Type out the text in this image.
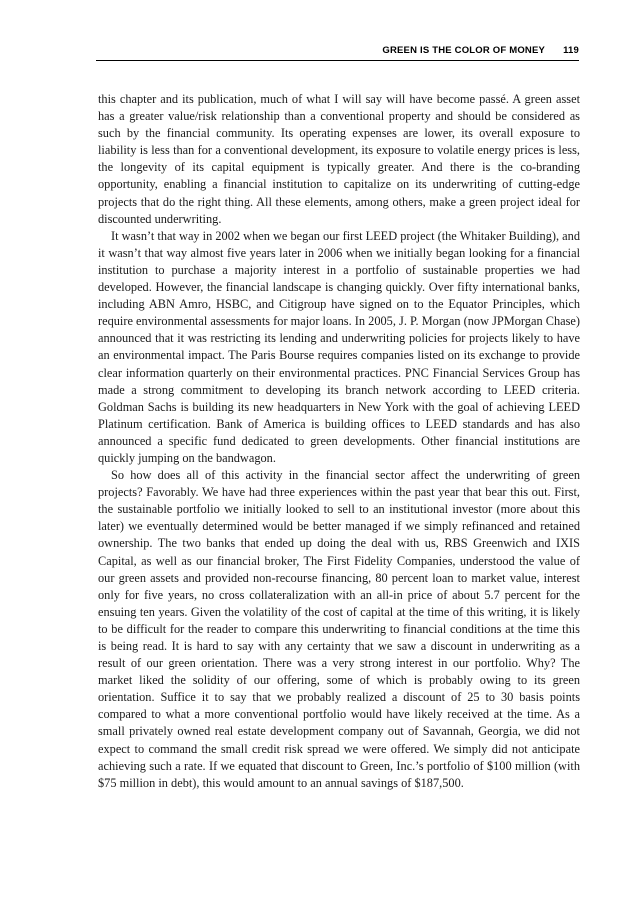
GREEN IS THE COLOR OF MONEY 119

this chapter and its publication, much of what I will say will have become passé. A green asset has a greater value/risk relationship than a conventional property and should be considered as such by the financial community. Its operating expenses are lower, its overall exposure to liability is less than for a conventional development, its exposure to volatile energy prices is less, the longevity of its capital equipment is typically greater. And there is the co-branding opportunity, enabling a financial institution to capitalize on its underwriting of cutting-edge projects that do the right thing. All these elements, among others, make a green project ideal for discounted underwriting.

It wasn’t that way in 2002 when we began our first LEED project (the Whitaker Building), and it wasn’t that way almost five years later in 2006 when we initially began looking for a financial institution to purchase a majority interest in a portfolio of sustainable properties we had developed. However, the financial landscape is changing quickly. Over fifty international banks, including ABN Amro, HSBC, and Citigroup have signed on to the Equator Principles, which require environmental assessments for major loans. In 2005, J. P. Morgan (now JPMorgan Chase) announced that it was restricting its lending and underwriting policies for projects likely to have an environmental impact. The Paris Bourse requires companies listed on its exchange to provide clear information quarterly on their environmental practices. PNC Financial Services Group has made a strong commitment to developing its branch network according to LEED criteria. Goldman Sachs is building its new headquarters in New York with the goal of achieving LEED Platinum certification. Bank of America is building offices to LEED standards and has also announced a specific fund dedicated to green developments. Other financial institutions are quickly jumping on the bandwagon.

So how does all of this activity in the financial sector affect the underwriting of green projects? Favorably. We have had three experiences within the past year that bear this out. First, the sustainable portfolio we initially looked to sell to an institutional investor (more about this later) we eventually determined would be better managed if we simply refinanced and retained ownership. The two banks that ended up doing the deal with us, RBS Greenwich and IXIS Capital, as well as our financial broker, The First Fidelity Companies, understood the value of our green assets and provided non-recourse financing, 80 percent loan to market value, interest only for five years, no cross collateralization with an all-in price of about 5.7 percent for the ensuing ten years. Given the volatility of the cost of capital at the time of this writing, it is likely to be difficult for the reader to compare this underwriting to financial conditions at the time this is being read. It is hard to say with any certainty that we saw a discount in underwriting as a result of our green orientation. There was a very strong interest in our portfolio. Why? The market liked the solidity of our offering, some of which is probably owing to its green orientation. Suffice it to say that we probably realized a discount of 25 to 30 basis points compared to what a more conventional portfolio would have likely received at the time. As a small privately owned real estate development company out of Savannah, Georgia, we did not expect to command the small credit risk spread we were offered. We simply did not anticipate achieving such a rate. If we equated that discount to Green, Inc.’s portfolio of $100 million (with $75 million in debt), this would amount to an annual savings of $187,500.
